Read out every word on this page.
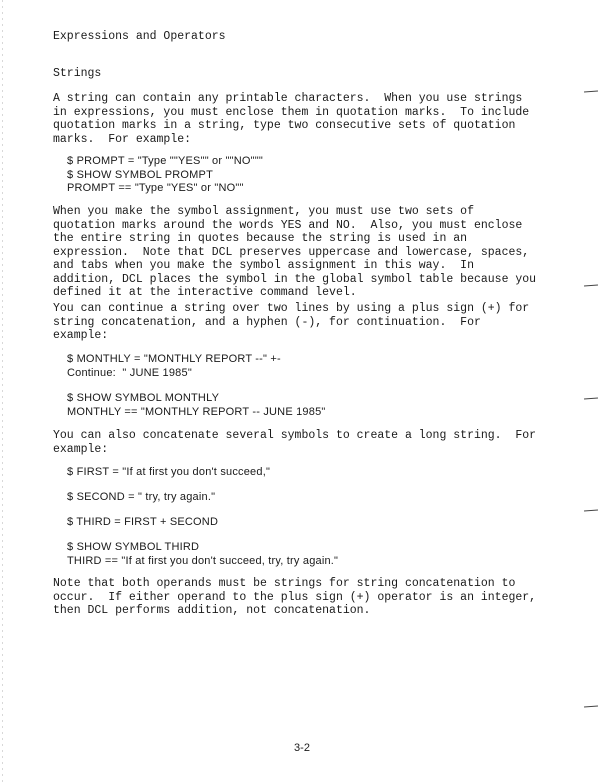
Expressions and Operators

Strings

A string can contain any printable characters.  When you use strings
in expressions, you must enclose them in quotation marks.  To include
quotation marks in a string, type two consecutive sets of quotation
marks.  For example:

$ PROMPT = "Type ""YES"" or ""NO"""
$ SHOW SYMBOL PROMPT
PROMPT == "Type "YES" or "NO""

When you make the symbol assignment, you must use two sets of
quotation marks around the words YES and NO.  Also, you must enclose
the entire string in quotes because the string is used in an
expression.  Note that DCL preserves uppercase and lowercase, spaces,
and tabs when you make the symbol assignment in this way.  In
addition, DCL places the symbol in the global symbol table because you
defined it at the interactive command level.

You can continue a string over two lines by using a plus sign (+) for
string concatenation, and a hyphen (-), for continuation.  For
example:

$ MONTHLY = "MONTHLY REPORT --" +-
Continue:  " JUNE 1985"

$ SHOW SYMBOL MONTHLY
MONTHLY == "MONTHLY REPORT -- JUNE 1985"

You can also concatenate several symbols to create a long string.  For
example:

$ FIRST = "If at first you don't succeed,"

$ SECOND = " try, try again."

$ THIRD = FIRST + SECOND

$ SHOW SYMBOL THIRD
THIRD == "If at first you don't succeed, try, try again."

Note that both operands must be strings for string concatenation to
occur.  If either operand to the plus sign (+) operator is an integer,
then DCL performs addition, not concatenation.

3-2
